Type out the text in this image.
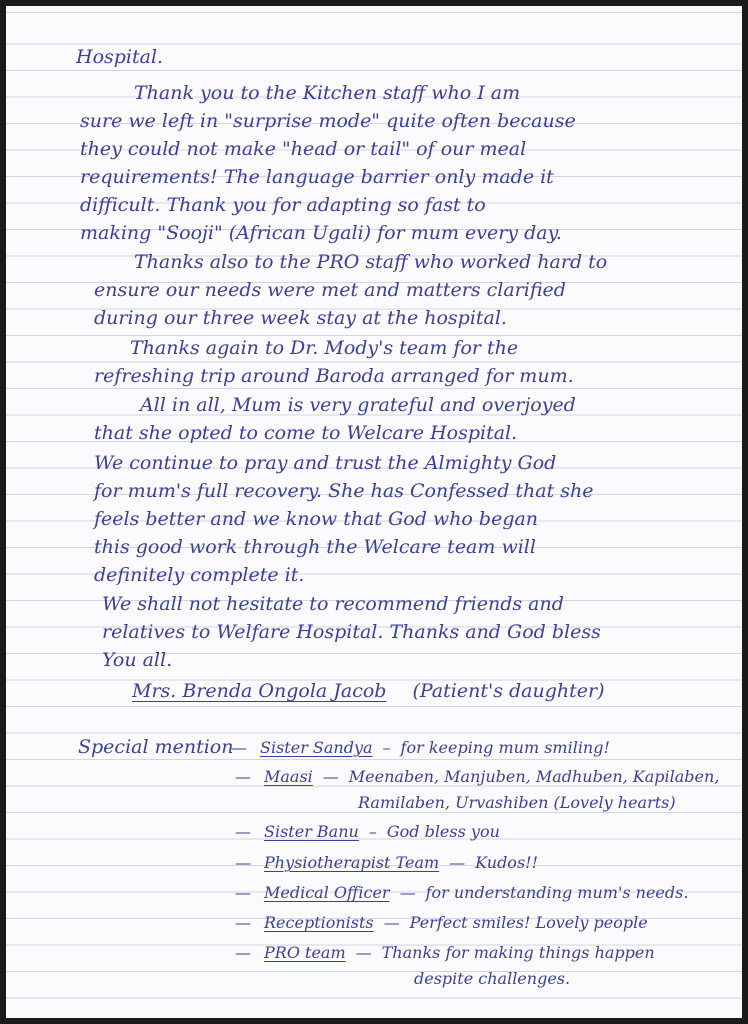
Hospital.

Thank you to the Kitchen staff who I am

sure we left in "surprise mode" quite often because

they could not make "head or tail" of our meal

requirements! The language barrier only made it

difficult. Thank you for adapting so fast to

making "Sooji" (African Ugali) for mum every day.

Thanks also to the PRO staff who worked hard to

ensure our needs were met and matters clarified

during our three week stay at the hospital.

Thanks again to Dr. Mody's team for the

refreshing trip around Baroda arranged for mum.

All in all, Mum is very grateful and overjoyed

that she opted to come to Welcare Hospital.

We continue to pray and trust the Almighty God

for mum's full recovery. She has Confessed that she

feels better and we know that God who began

this good work through the Welcare team will

definitely complete it.

We shall not hesitate to recommend friends and

relatives to Welfare Hospital. Thanks and God bless

You all.

Mrs. Brenda Ongola Jacob (Patient's daughter)

Special mention

— Sister Sandya – for keeping mum smiling!
— Maasi — Meenaben, Manjuben, Madhuben, Kapilaben,

Ramilaben, Urvashiben (Lovely hearts)

— Sister Banu – God bless you
— Physiotherapist Team — Kudos!!
— Medical Officer — for understanding mum's needs.
— Receptionists — Perfect smiles! Lovely people
— PRO team — Thanks for making things happen

despite challenges.
